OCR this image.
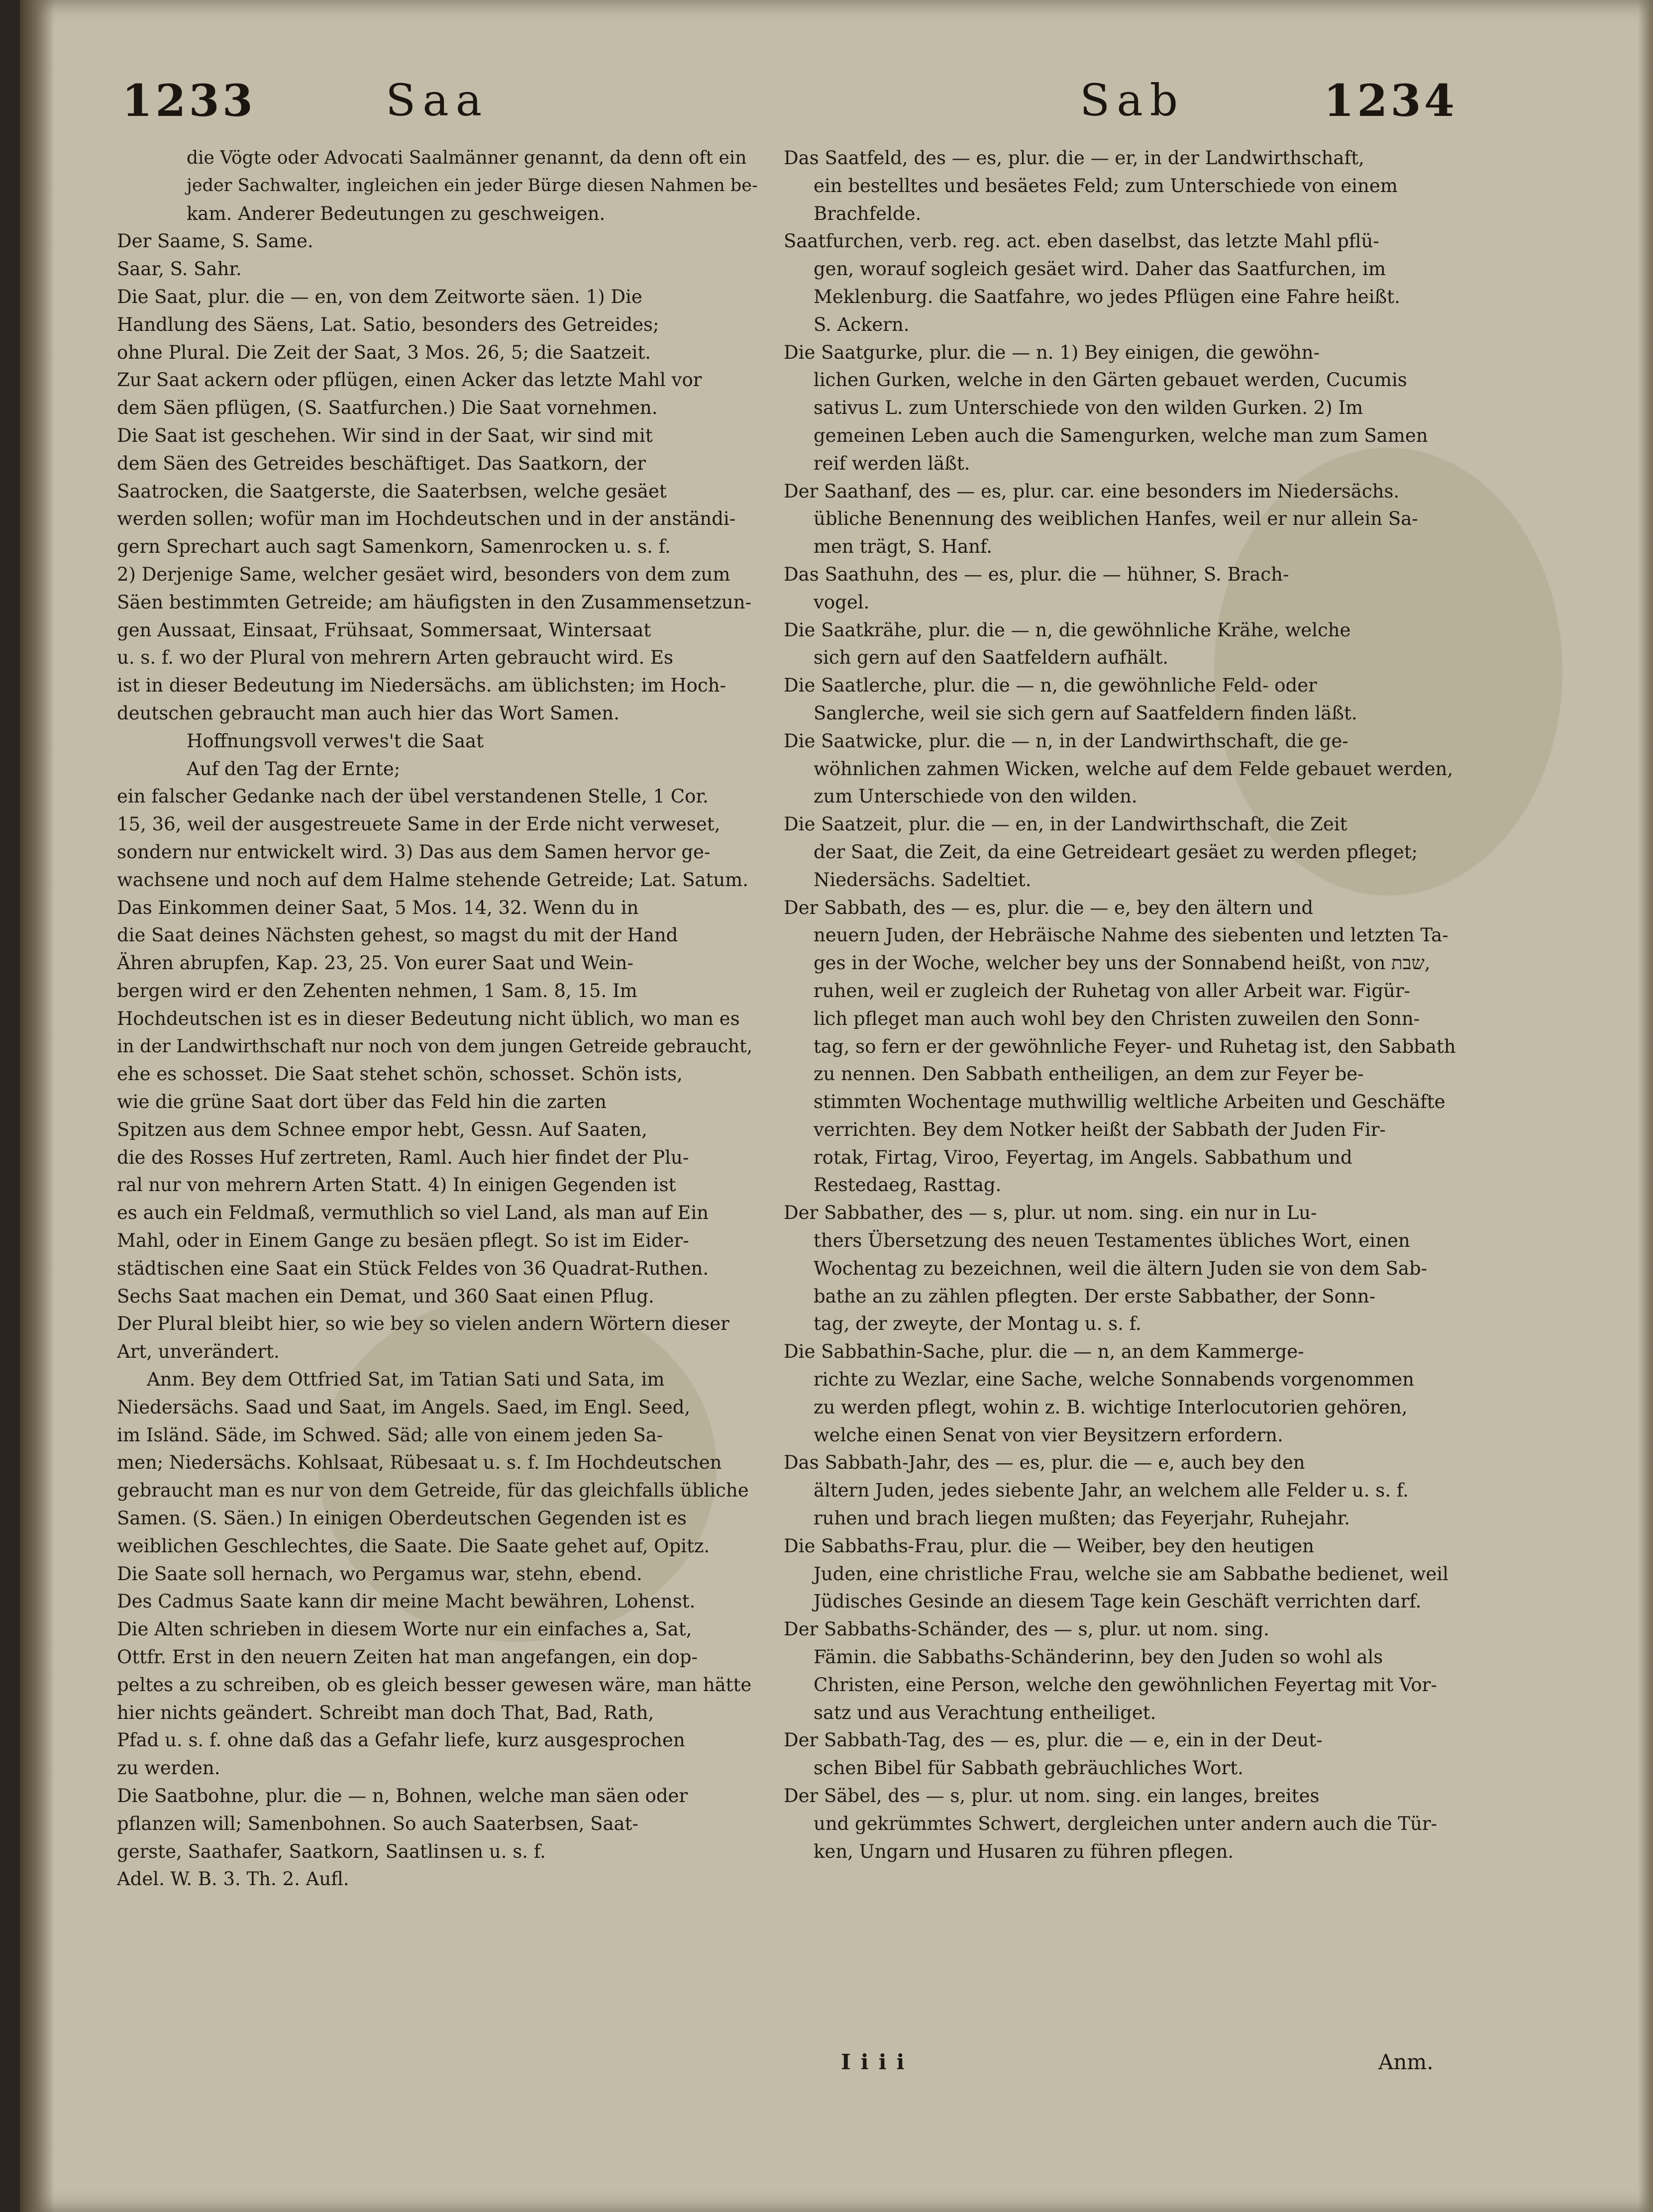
1233	Saa	Sab	1234
die Vögte oder Advocati Saalmänner genannt, da denn oft ein
jeder Sachwalter, ingleichen ein jeder Bürge diesen Nahmen be-
kam. Anderer Bedeutungen zu geschweigen.
Der Saame, S. Same.
Saar, S. Sahr.
Die Saat, plur. die — en, von dem Zeitworte säen. 1) Die
Handlung des Säens, Lat. Satio, besonders des Getreides;
ohne Plural. Die Zeit der Saat, 3 Mos. 26, 5; die Saatzeit.
Zur Saat ackern oder pflügen, einen Acker das letzte Mahl vor
dem Säen pflügen, (S. Saatfurchen.) Die Saat vornehmen.
Die Saat ist geschehen. Wir sind in der Saat, wir sind mit
dem Säen des Getreides beschäftiget. Das Saatkorn, der
Saatrocken, die Saatgerste, die Saaterbsen, welche gesäet
werden sollen; wofür man im Hochdeutschen und in der anständi-
gern Sprechart auch sagt Samenkorn, Samenrocken u. s. f.
2) Derjenige Same, welcher gesäet wird, besonders von dem zum
Säen bestimmten Getreide; am häufigsten in den Zusammensetzun-
gen Aussaat, Einsaat, Frühsaat, Sommersaat, Wintersaat
u. s. f. wo der Plural von mehrern Arten gebraucht wird. Es
ist in dieser Bedeutung im Niedersächs. am üblichsten; im Hoch-
deutschen gebraucht man auch hier das Wort Samen.
Hoffnungsvoll verwes't die Saat
Auf den Tag der Ernte;
ein falscher Gedanke nach der übel verstandenen Stelle, 1 Cor.
15, 36, weil der ausgestreuete Same in der Erde nicht verweset,
sondern nur entwickelt wird. 3) Das aus dem Samen hervor ge-
wachsene und noch auf dem Halme stehende Getreide; Lat. Satum.
Das Einkommen deiner Saat, 5 Mos. 14, 32. Wenn du in
die Saat deines Nächsten gehest, so magst du mit der Hand
Ähren abrupfen, Kap. 23, 25. Von eurer Saat und Wein-
bergen wird er den Zehenten nehmen, 1 Sam. 8, 15. Im
Hochdeutschen ist es in dieser Bedeutung nicht üblich, wo man es
in der Landwirthschaft nur noch von dem jungen Getreide gebraucht,
ehe es schosset. Die Saat stehet schön, schosset. Schön ists,
wie die grüne Saat dort über das Feld hin die zarten
Spitzen aus dem Schnee empor hebt, Gessn. Auf Saaten,
die des Rosses Huf zertreten, Raml. Auch hier findet der Plu-
ral nur von mehrern Arten Statt. 4) In einigen Gegenden ist
es auch ein Feldmaß, vermuthlich so viel Land, als man auf Ein
Mahl, oder in Einem Gange zu besäen pflegt. So ist im Eider-
städtischen eine Saat ein Stück Feldes von 36 Quadrat-Ruthen.
Sechs Saat machen ein Demat, und 360 Saat einen Pflug.
Der Plural bleibt hier, so wie bey so vielen andern Wörtern dieser
Art, unverändert.
Anm. Bey dem Ottfried Sat, im Tatian Sati und Sata, im
Niedersächs. Saad und Saat, im Angels. Saed, im Engl. Seed,
im Isländ. Säde, im Schwed. Säd; alle von einem jeden Sa-
men; Niedersächs. Kohlsaat, Rübesaat u. s. f. Im Hochdeutschen
gebraucht man es nur von dem Getreide, für das gleichfalls übliche
Samen. (S. Säen.) In einigen Oberdeutschen Gegenden ist es
weiblichen Geschlechtes, die Saate. Die Saate gehet auf, Opitz.
Die Saate soll hernach, wo Pergamus war, stehn, ebend.
Des Cadmus Saate kann dir meine Macht bewähren, Lohenst.
Die Alten schrieben in diesem Worte nur ein einfaches a, Sat,
Ottfr. Erst in den neuern Zeiten hat man angefangen, ein dop-
peltes a zu schreiben, ob es gleich besser gewesen wäre, man hätte
hier nichts geändert. Schreibt man doch That, Bad, Rath,
Pfad u. s. f. ohne daß das a Gefahr liefe, kurz ausgesprochen
zu werden.
Die Saatbohne, plur. die — n, Bohnen, welche man säen oder
pflanzen will; Samenbohnen. So auch Saaterbsen, Saat-
gerste, Saathafer, Saatkorn, Saatlinsen u. s. f.
Adel. W. B. 3. Th. 2. Aufl.
Das Saatfeld, des — es, plur. die — er, in der Landwirthschaft,
ein bestelltes und besäetes Feld; zum Unterschiede von einem
Brachfelde.
Saatfurchen, verb. reg. act. eben daselbst, das letzte Mahl pflü-
gen, worauf sogleich gesäet wird. Daher das Saatfurchen, im
Meklenburg. die Saatfahre, wo jedes Pflügen eine Fahre heißt.
S. Ackern.
Die Saatgurke, plur. die — n. 1) Bey einigen, die gewöhn-
lichen Gurken, welche in den Gärten gebauet werden, Cucumis
sativus L. zum Unterschiede von den wilden Gurken. 2) Im
gemeinen Leben auch die Samengurken, welche man zum Samen
reif werden läßt.
Der Saathanf, des — es, plur. car. eine besonders im Niedersächs.
übliche Benennung des weiblichen Hanfes, weil er nur allein Sa-
men trägt, S. Hanf.
Das Saathuhn, des — es, plur. die — hühner, S. Brach-
vogel.
Die Saatkrähe, plur. die — n, die gewöhnliche Krähe, welche
sich gern auf den Saatfeldern aufhält.
Die Saatlerche, plur. die — n, die gewöhnliche Feld- oder
Sanglerche, weil sie sich gern auf Saatfeldern finden läßt.
Die Saatwicke, plur. die — n, in der Landwirthschaft, die ge-
wöhnlichen zahmen Wicken, welche auf dem Felde gebauet werden,
zum Unterschiede von den wilden.
Die Saatzeit, plur. die — en, in der Landwirthschaft, die Zeit
der Saat, die Zeit, da eine Getreideart gesäet zu werden pfleget;
Niedersächs. Sadeltiet.
Der Sabbath, des — es, plur. die — e, bey den ältern und
neuern Juden, der Hebräische Nahme des siebenten und letzten Ta-
ges in der Woche, welcher bey uns der Sonnabend heißt, von שבת,
ruhen, weil er zugleich der Ruhetag von aller Arbeit war. Figür-
lich pfleget man auch wohl bey den Christen zuweilen den Sonn-
tag, so fern er der gewöhnliche Feyer- und Ruhetag ist, den Sabbath
zu nennen. Den Sabbath entheiligen, an dem zur Feyer be-
stimmten Wochentage muthwillig weltliche Arbeiten und Geschäfte
verrichten. Bey dem Notker heißt der Sabbath der Juden Fir-
rotak, Firtag, Viroo, Feyertag, im Angels. Sabbathum und
Restedaeg, Rasttag.
Der Sabbather, des — s, plur. ut nom. sing. ein nur in Lu-
thers Übersetzung des neuen Testamentes übliches Wort, einen
Wochentag zu bezeichnen, weil die ältern Juden sie von dem Sab-
bathe an zu zählen pflegten. Der erste Sabbather, der Sonn-
tag, der zweyte, der Montag u. s. f.
Die Sabbathin-Sache, plur. die — n, an dem Kammerge-
richte zu Wezlar, eine Sache, welche Sonnabends vorgenommen
zu werden pflegt, wohin z. B. wichtige Interlocutorien gehören,
welche einen Senat von vier Beysitzern erfordern.
Das Sabbath-Jahr, des — es, plur. die — e, auch bey den
ältern Juden, jedes siebente Jahr, an welchem alle Felder u. s. f.
ruhen und brach liegen mußten; das Feyerjahr, Ruhejahr.
Die Sabbaths-Frau, plur. die — Weiber, bey den heutigen
Juden, eine christliche Frau, welche sie am Sabbathe bedienet, weil
Jüdisches Gesinde an diesem Tage kein Geschäft verrichten darf.
Der Sabbaths-Schänder, des — s, plur. ut nom. sing.
Fämin. die Sabbaths-Schänderinn, bey den Juden so wohl als
Christen, eine Person, welche den gewöhnlichen Feyertag mit Vor-
satz und aus Verachtung entheiliget.
Der Sabbath-Tag, des — es, plur. die — e, ein in der Deut-
schen Bibel für Sabbath gebräuchliches Wort.
Der Säbel, des — s, plur. ut nom. sing. ein langes, breites
und gekrümmtes Schwert, dergleichen unter andern auch die Tür-
ken, Ungarn und Husaren zu führen pflegen.
Iiii	Anm.
